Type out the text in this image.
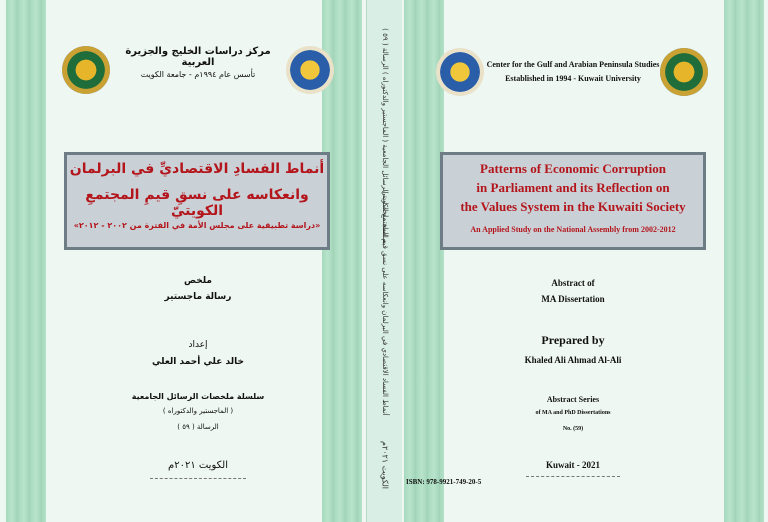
مركز دراسات الخليج والجزيرة العربية
تأسس عام ١٩٩٤م - جامعة الكويت
أنماط الفسادِ الاقتصاديِّ في البرلمان
وانعكاسه على نسقِ قيمِ المجتمعِ الكويتيّ
«دراسة تطبيقية على مجلس الأمة في الفترة من ٢٠٠٢ - ٢٠١٢»
ملخص
رسالة ماجستير
إعداد
خالد علي أحمد العلي
سلسلة ملخصات الرسائل الجامعية
( الماجستير والدكتوراه )
الرسالة ( ٥٩ )
الكويت ٢٠٢١م
سلسلة ملخصات الرسائل الجامعية ( الماجستير والدكتوراه ) الرسالة ( ٥٩ )
أنماط الفساد الاقتصادي في البرلمان وانعكاسه على نسق قيم المجتمع الكويتي
الكويت ٢٠٢١م
Center for the Gulf and Arabian Peninsula Studies
Established in 1994 - Kuwait University
Patterns of Economic Corruption
in Parliament and its Reflection on
the Values System in the Kuwaiti Society
An Applied Study on the National Assembly from 2002-2012
Abstract of
MA Dissertation
Prepared by
Khaled Ali Ahmad Al-Ali
Abstract Series
of MA and PhD Dissertations
No. (59)
Kuwait - 2021
ISBN: 978-9921-749-20-5
